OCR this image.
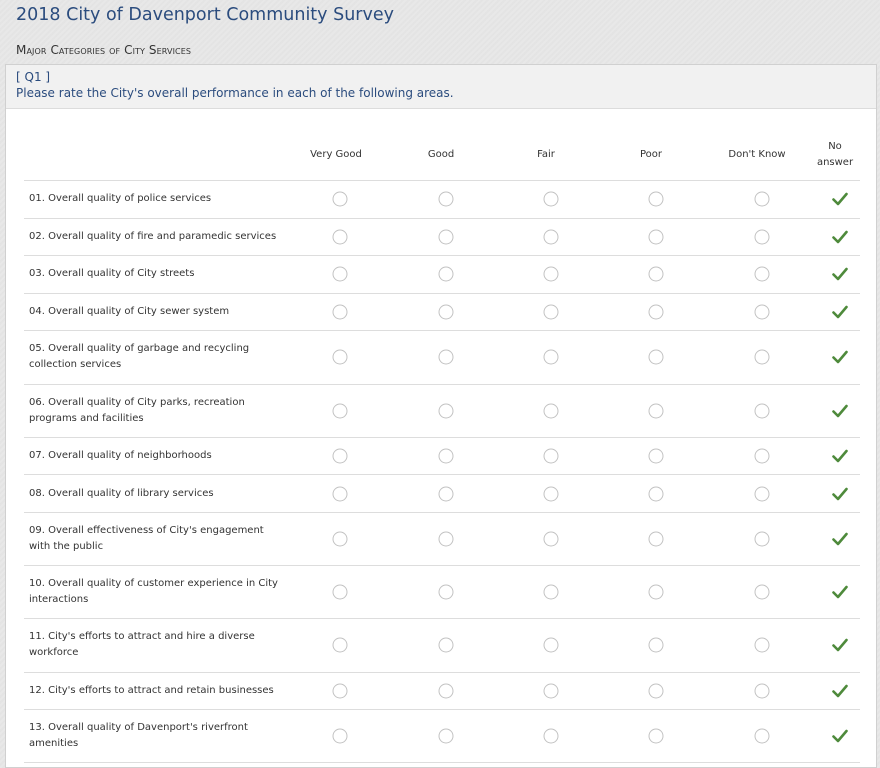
2018 City of Davenport Community Survey
Major Categories of City Services
[ Q1 ]
Please rate the City's overall performance in each of the following areas.
Very Good	Good	Fair	Poor	Don't Know
No
answer
01. Overall quality of police services
02. Overall quality of fire and paramedic services
03. Overall quality of City streets
04. Overall quality of City sewer system
05. Overall quality of garbage and recycling collection services
06. Overall quality of City parks, recreation programs and facilities
07. Overall quality of neighborhoods
08. Overall quality of library services
09. Overall effectiveness of City's engagement with the public
10. Overall quality of customer experience in City interactions
11. City's efforts to attract and hire a diverse workforce
12. City's efforts to attract and retain businesses
13. Overall quality of Davenport's riverfront amenities
